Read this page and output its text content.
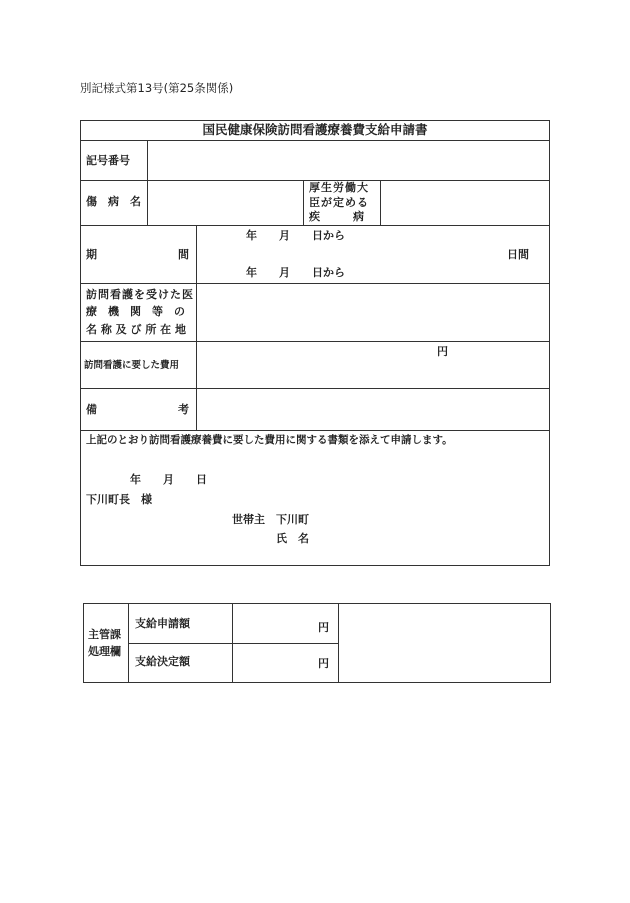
別記様式第13号(第25条関係)
国民健康保険訪問看護療養費支給申請書
記号番号
傷　病　名
厚生労働大
臣が定める
疾　　　病
期	間
年　　月　　日から
年　　月　　日から
日間
訪問看護を受けた医
療　機　関　等　の
名 称 及 び 所 在 地
訪問看護に要した費用
円
備	考
上記のとおり訪問看護療養費に要した費用に関する書類を添えて申請します。
年　　月　　日
下川町長　様
世帯主　下川町
氏　名
主管課
処理欄
支給申請額
支給決定額
円
円
